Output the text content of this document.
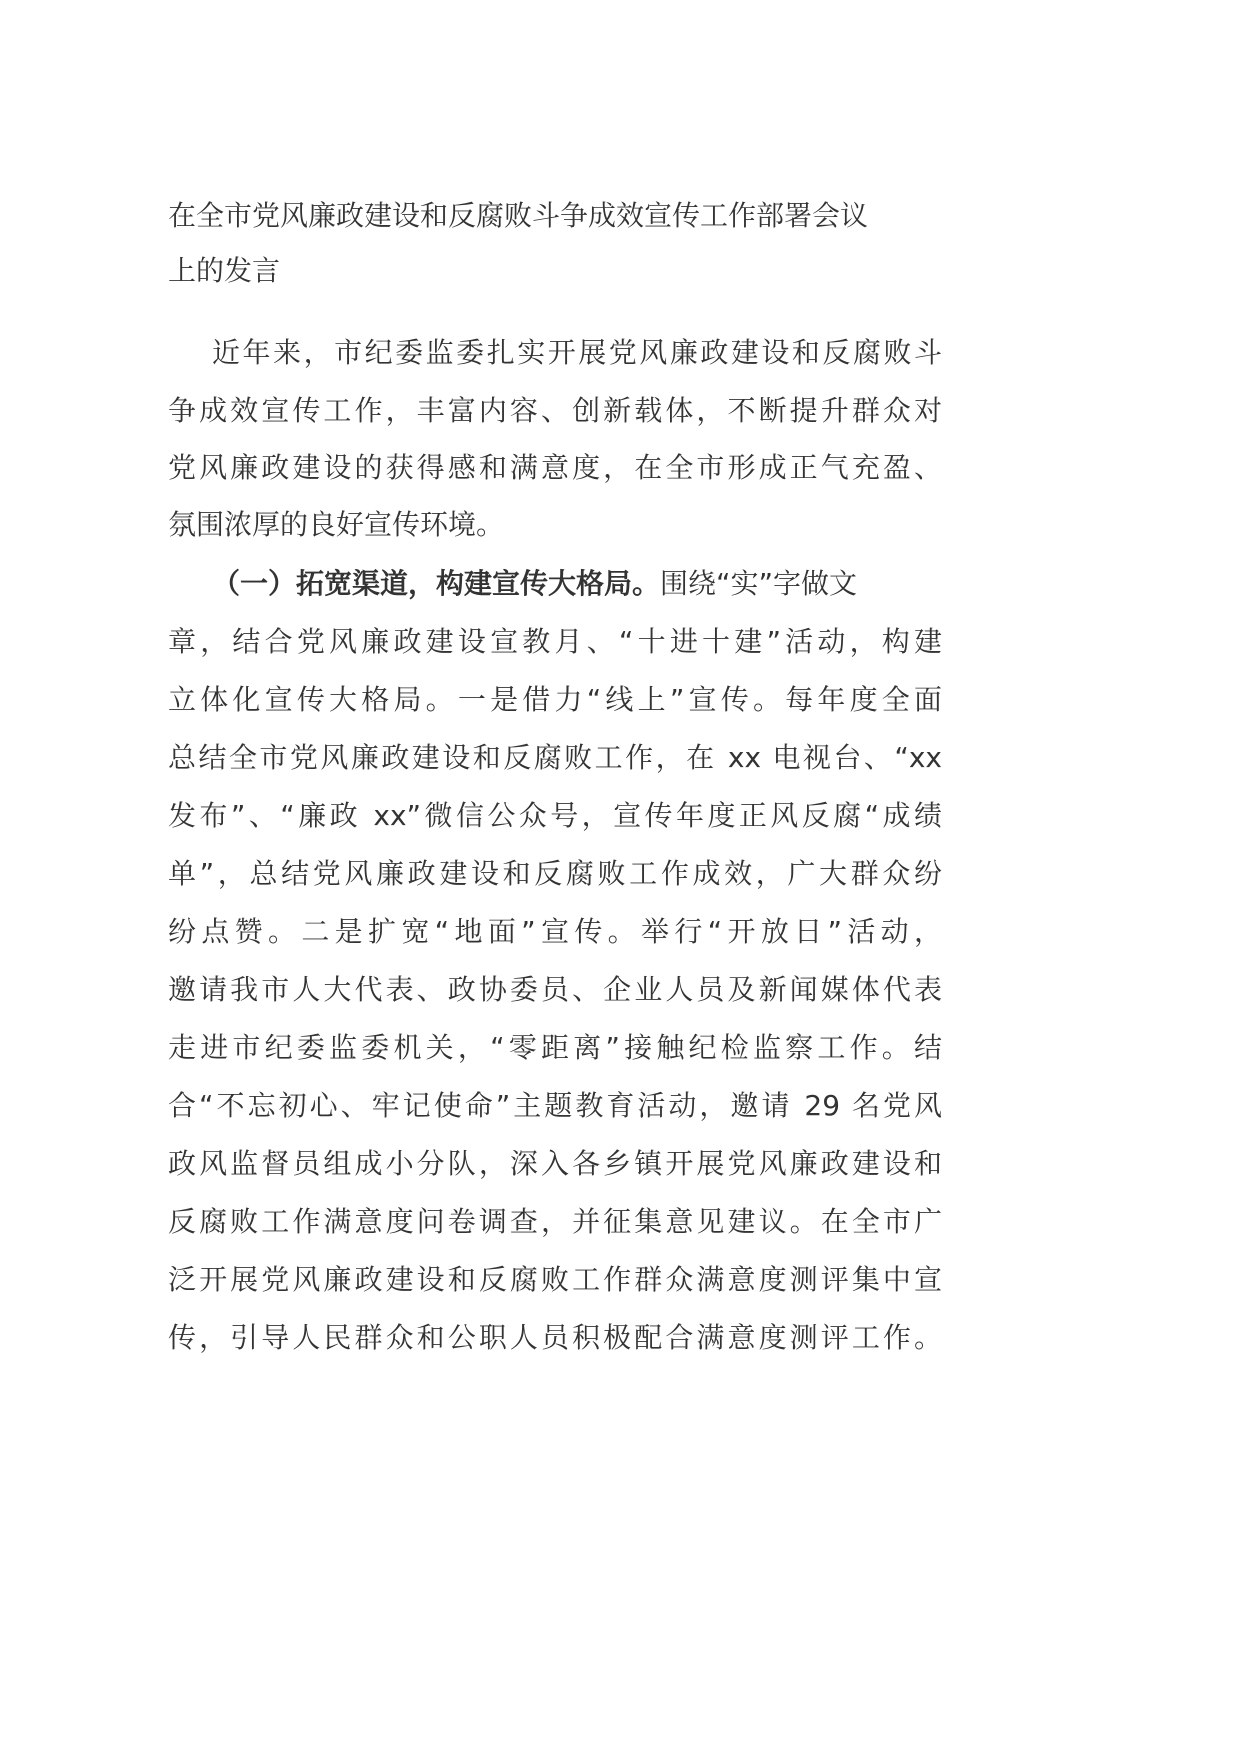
在全市党风廉政建设和反腐败斗争成效宣传工作部署会议
上的发言
近年来，市纪委监委扎实开展党风廉政建设和反腐败斗
争成效宣传工作，丰富内容、创新载体，不断提升群众对
党风廉政建设的获得感和满意度，在全市形成正气充盈、
氛围浓厚的良好宣传环境。
（一）拓宽渠道，构建宣传大格局。围绕“实”字做文
章，结合党风廉政建设宣教月、“十进十建”活动，构建
立体化宣传大格局。一是借力“线上”宣传。每年度全面
总结全市党风廉政建设和反腐败工作，在 xx 电视台、“xx
发布”、“廉政 xx”微信公众号，宣传年度正风反腐“成绩
单”，总结党风廉政建设和反腐败工作成效，广大群众纷
纷点赞。二是扩宽“地面”宣传。举行“开放日”活动，
邀请我市人大代表、政协委员、企业人员及新闻媒体代表
走进市纪委监委机关，“零距离”接触纪检监察工作。结
合“不忘初心、牢记使命”主题教育活动，邀请 29 名党风
政风监督员组成小分队，深入各乡镇开展党风廉政建设和
反腐败工作满意度问卷调查，并征集意见建议。在全市广
泛开展党风廉政建设和反腐败工作群众满意度测评集中宣
传，引导人民群众和公职人员积极配合满意度测评工作。
